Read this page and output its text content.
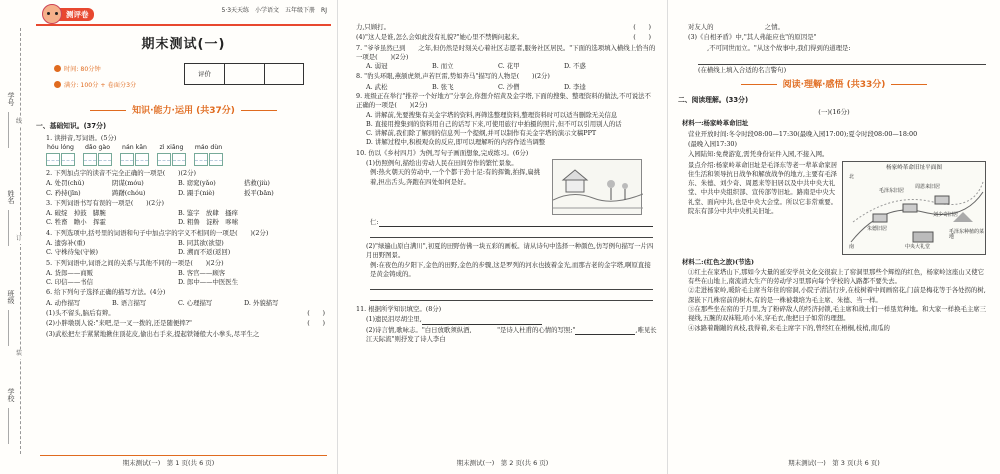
学号
姓名
班级
学校
线
订
装
测评卷	5·3天天练　小学语文　五年级下册　RJ
期末测试(一)
时间: 80分钟
满分: 100分 + 卷面分3分
评价
知识·能力·运用 (共37分)
一、基础知识。(37分)
1. 读拼音,写词语。(5分)
hóu lóng	dǎo gào	nán kān	zì xiāng	máo dùn
2. 下列加点字的读音不完全正确的一项是(　　)(2分)
A. 处罚(chǔ)	阴谋(móu)	B. 窈窕(yǎo)	搭救(jiù)
C. 矜持(jīn)	踌躇(chóu)	D. 蹑手(niè)	扳平(bān)
3. 下列词语书写有误的一项是(　　)(2分)
A. 破绽　掉鼓　脚腕	B. 鉴字　放肆　搔痒
C. 牲畜　瞻小　挥霍	D. 粗鲁　淀粉　哆嗦
4. 下列选项中,括号里的词语和句子中加点字的字义不相同的一项是(　　)(2分)
A. 遗弥补(重)	B. 同其欲(欲望)
C. 守株待兔(守候)	D. 溯而不返(返回)
5. 下列词语中,词语之间的关系与其他不同的一项是(　　)(2分)
A. 货郎——商贩	B. 客官——顾客
C. 印信——书信	D. 郎中——中医医生
6. 给下列句子选择正确的描写方法。(4分)
A. 动作描写	B. 语言描写	C. 心理描写	D. 外貌描写
(1)头不留头,脑后有辫。	(　　)
(2)小胖墩别人说:"来吧,是一叉一拨的,还是随便摔?"	(　　)
(3)武松把左手紧紧地揪住顶花皮,偷出右手来,提起铁锤般大小拳头,尽平生之
期末测试(一)　第 1 页(共 6 页)
力,只顾打。	(　　)
(4)"这人是谁,怎么会如此没有礼貌?"她心里不禁俩问起来。	(　　)
7. "爷爷虽然已到　　之年,但仍然是时刻关心着社区志愿者,服务社区居民。"下面的选项填入横线上恰当的一项是(　　)(2分)
A. 弱冠	B. 而立	C. 花甲	D. 不惑
8. "豹头环眼,燕颔虎须,声若巨雷,势如奔马"描写的人物是(　　)(2分)
A. 武松	B. 张飞	C. 沙僧	D. 李逵
9. 班级正在举行"推荐一个好地方"分享会,你想介绍黄及金字塔,下面的搜集、整理资料的做法,不可说法不正确的一项是(　　)(2分)
A. 讲解前,先要搜集有关金字塔的资料,再筛选整理资料,整理资料时可以适当删除无关信息
B. 直接用搜集到的资料用自己的话写下来,可使用旅行中拍摄的照片,但不可以引用别人的话
C. 讲解前,我们除了解到的信息列一个提纲,并可以制作有关金字塔的演示文稿PPT
D. 讲解过程中,积极观众的反应,即可以理解听的内容作适当调整
10. 仿以《乡村四月》为例,写句子画面想象,完成练习。(6分)
(1)仿照例句,描绘出劳动人民在田间劳作的繁忙景象。
例:热火朝天的劳动中,一个个都干劲十足:有的挥锄,拍挥,扁挑着,担出舌头,奔跑在四处如何是好。
仁:
(2)"绿遍山原白满川",初夏的田野仿佛一块五彩的画板。请从诗句中选择一种颜色,仿写例句描写一片四月田野图景。
例:在夜色的夕阳下,金色的田野,金色的步骤,这是罗列的河水也披着金光,而那古老的金字塔,啊原直接是黄金铸成的。
11. 根据所学知识填空。(8分)
(1)遗民泪尽胡尘里,
(2)诗言情,歌咏志。"白日放歌须纵酒,　　　　"是诗人杜甫的心情的写照;"	,唯见长江天际流"则抒发了诗人李白
期末测试(一)　第 2 页(共 6 页)
对友人的　　　　　　　　之情。
(3)《自相矛盾》中,"其人弗能应也"的原因是"
　　　,不可同世而立。"从这个故事中,我们得到的道理是:
(在横线上填入合适的名言警句)
阅读·理解·感悟 (共33分)
二、阅读理解。(33分)
(一)(16分)
材料一:杨家岭革命旧址
营业开放时间:冬令时段08:00—17:30(最晚入园17:00);夏令时段08:00—18:00
(最晚入园17:30)
入园陆知:免费游览,需凭身份证件入园,不接入网。
景点介绍:杨家岭革命旧址是毛泽东等老一辈革命家居住生活和领导抗日战争和解放战争的地方,主要有毛泽东、朱德、刘少奇、周恩来等旧居以及中共中央大礼堂、中共中央组织部、宣传部等旧址。路南是中央大礼堂、面向中共,也是中央大会堂。所以它非常重要。院东有部分中共中央机关旧址。
杨家岭革命旧址平面图
北
毛泽东旧居
周恩来旧居
朱德旧居
刘少奇旧居
中央大礼堂
南
毛泽东种植的菜地
材料二:(红色之旅)(节选)
①红土在家塔山下,那如今大量的延安学员文化交很寂上了窑洞里那些个辉煌的红色，杨家岭这座山又使它有些在山地上,南流清大生产的劳动学习里那向每个学校的入路都不要失去。
②走进杨家岭,暖阶毛主席当年住的窑洞,小院子清洁行步,在枝树着中间画窑花,门前是梅花等于各处拐的树,深嵌下几株窑前的树木,有的是一株被栽培为毛主席、朱德、当一样。
③在那些坐在窑的于月里,为了粉碎敌人的经济封锁,毛主席和战士们一样垦荒种地。和大家一样换毛主席三视线,五腕的双袜鞋,哈小米,穿毛衣,他把日子如常的理想。
④冰路着蹦蹦的真枝,我得着,来毛主席字下的,曾经红在梧桐,枝梢,南瓜的
期末测试(一)　第 3 页(共 6 页)
